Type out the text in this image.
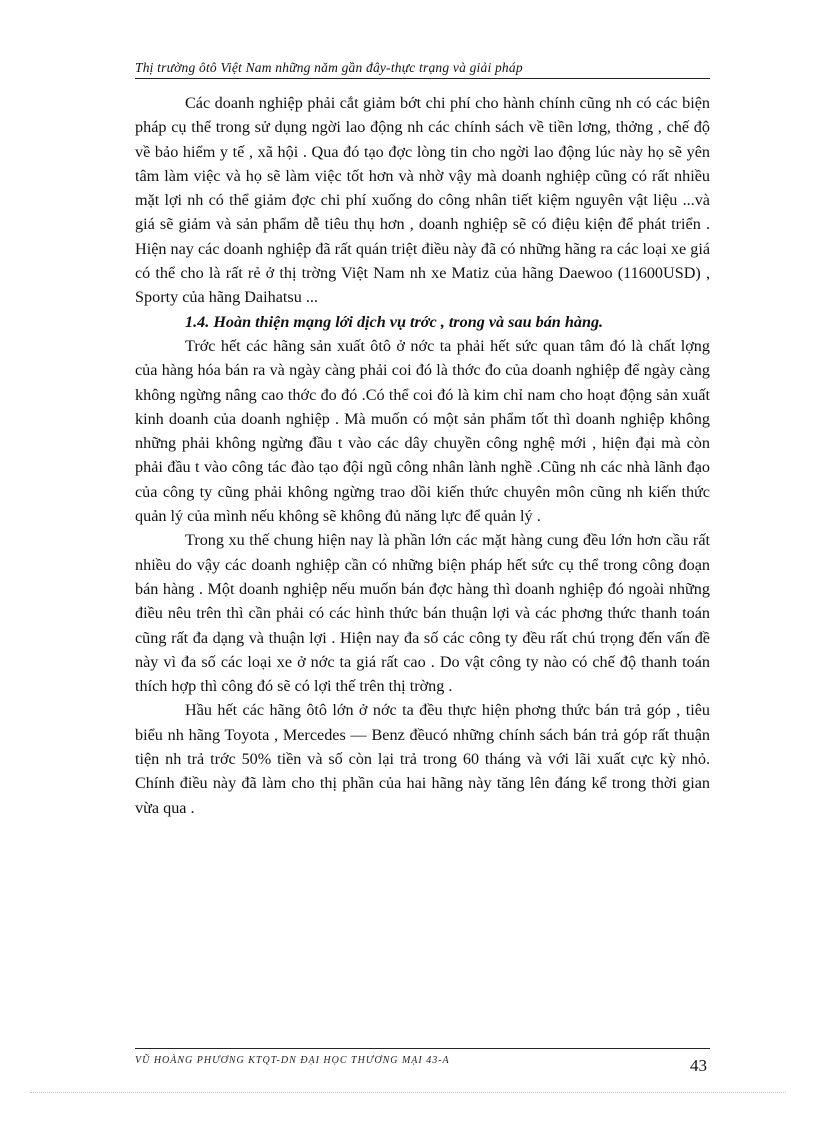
Thị trường ôtô Việt Nam những năm gần đây-thực trạng và giải pháp

Các doanh nghiệp phải cắt giảm bớt chi phí cho hành chính cũng nh có các biện pháp cụ thể trong sử dụng ngời lao động nh các chính sách về tiền lơng, thởng , chế độ về bảo hiểm y tế , xã hội . Qua đó tạo đợc lòng tin cho ngời lao động lúc này họ sẽ yên tâm làm việc và họ sẽ làm việc tốt hơn và nhờ vậy mà doanh nghiệp cũng có rất nhiều mặt lợi nh có thể giảm đợc chi phí xuống do công nhân tiết kiệm nguyên vật liệu ...và giá sẽ giảm và sản phẩm dễ tiêu thụ hơn , doanh nghiệp sẽ có điệu kiện để phát triển . Hiện nay các doanh nghiệp đã rất quán triệt điều này đã có những hãng ra các loại xe giá có thể cho là rất rẻ ở thị trờng Việt Nam nh xe Matiz của hãng Daewoo (11600USD) , Sporty của hãng Daihatsu ...

1.4. Hoàn thiện mạng lới dịch vụ trớc , trong và sau bán hàng.

Trớc hết các hãng sản xuất ôtô ở nớc ta phải hết sức quan tâm đó là chất lợng của hàng hóa bán ra và ngày càng phải coi đó là thớc đo của doanh nghiệp để ngày càng không ngừng nâng cao thớc đo đó .Có thể coi đó là kim chỉ nam cho hoạt động sản xuất kinh doanh của doanh nghiệp . Mà muốn có một sản phẩm tốt thì doanh nghiệp không những phải không ngừng đầu t vào các dây chuyền công nghệ mới , hiện đại mà còn phải đầu t vào công tác đào tạo đội ngũ công nhân lành nghề .Cũng nh các nhà lãnh đạo của công ty cũng phải không ngừng trao dồi kiến thức chuyên môn cũng nh kiến thức quản lý của mình nếu không sẽ không đủ năng lực để quản lý .

Trong xu thế chung hiện nay là phần lớn các mặt hàng cung đều lớn hơn cầu rất nhiều do vậy các doanh nghiệp cần có những biện pháp hết sức cụ thể trong công đoạn bán hàng . Một doanh nghiệp nếu muốn bán đợc hàng thì doanh nghiệp đó ngoài những điều nêu trên thì cần phải có các hình thức bán thuận lợi và các phơng thức thanh toán cũng rất đa dạng và thuận lợi . Hiện nay đa số các công ty đều rất chú trọng đến vấn đề này vì đa số các loại xe ở nớc ta giá rất cao . Do vật công ty nào có chế độ thanh toán thích hợp thì công đó sẽ có lợi thế trên thị trờng .

Hầu hết các hãng ôtô lớn ở nớc ta đều thực hiện phơng thức bán trả góp , tiêu biểu nh hãng Toyota , Mercedes — Benz đềucó những chính sách bán trả góp rất thuận tiện nh trả trớc 50% tiền và số còn lại trả trong 60 tháng và với lãi xuất cực kỳ nhỏ. Chính điều này đã làm cho thị phần của hai hãng này tăng lên đáng kể trong thời gian vừa qua .

VŨ HOÀNG PHƯƠNG KTQT-DN ĐẠI HỌC THƯƠNG MẠI 43-A	43
